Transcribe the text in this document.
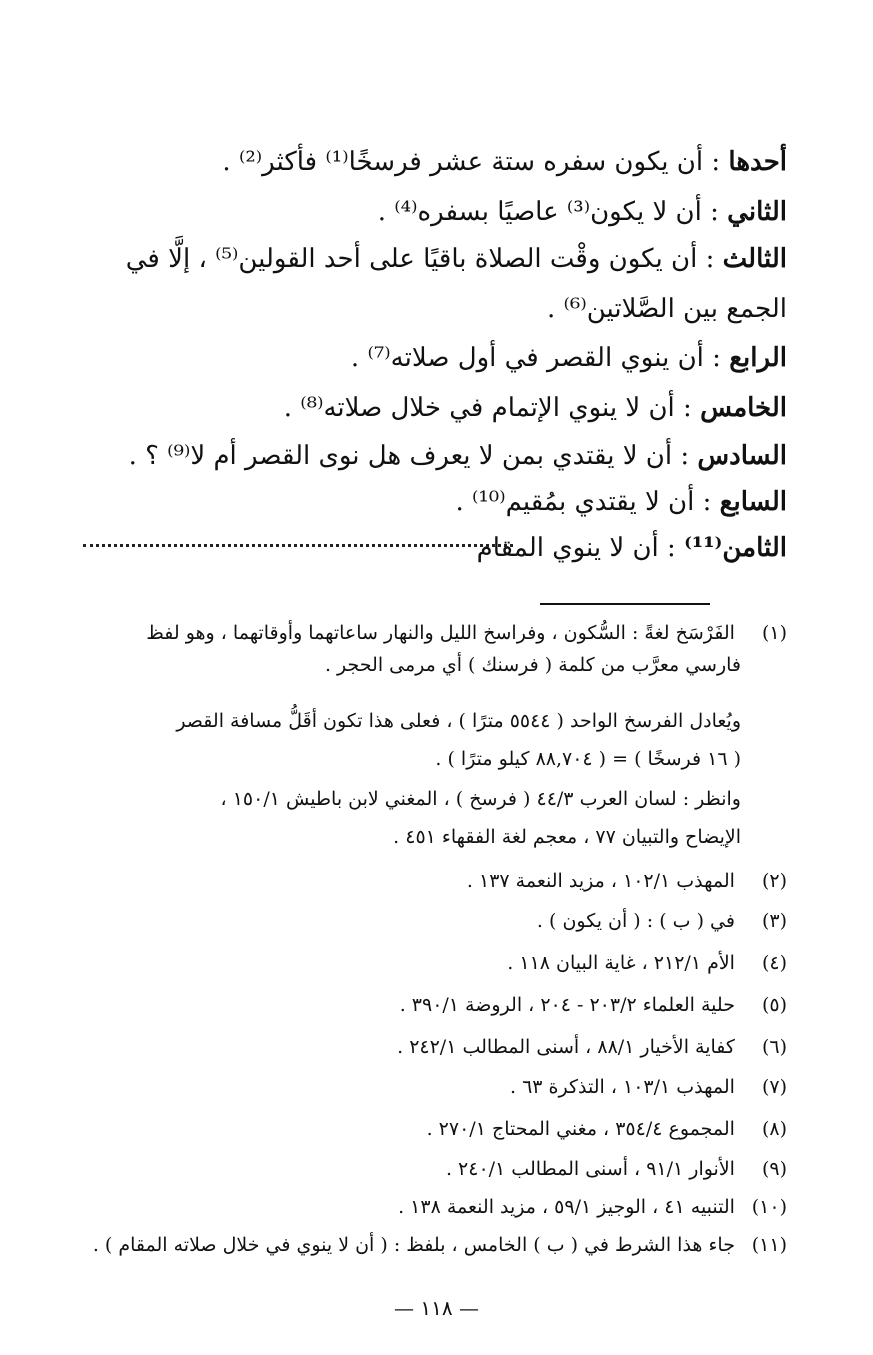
أحدها : أن يكون سفره ستة عشر فرسخًا⁽¹⁾ فأكثر⁽²⁾ .
الثاني : أن لا يكون⁽³⁾ عاصيًا بسفره⁽⁴⁾ .
الثالث : أن يكون وقْت الصلاة باقيًا على أحد القولين⁽⁵⁾ ، إلَّا في الجمع بين الصَّلاتين⁽⁶⁾ .
الرابع : أن ينوي القصر في أول صلاته⁽⁷⁾ .
الخامس : أن لا ينوي الإتمام في خلال صلاته⁽⁸⁾ .
السادس : أن لا يقتدي بمن لا يعرف هل نوى القصر أم لا⁽⁹⁾ ؟ .
السابع : أن لا يقتدي بمُقيم⁽¹⁰⁾ .
الثامن⁽¹¹⁾ : أن لا ينوي المقام
(١) الفَرْسَخ لغةً : السُّكون ، وفراسخ الليل والنهار ساعاتهما وأوقاتهما ، وهو لفظ
فارسي معرَّب من كلمة ( فرسنك ) أي مرمى الحجر .
ويُعادل الفرسخ الواحد ( ٥٥٤٤ مترًا ) ، فعلى هذا تكون أقَلُّ مسافة القصر
( ١٦ فرسخًا ) = ( ٨٨,٧٠٤ كيلو مترًا ) .
وانظر : لسان العرب ٤٤/٣ ( فرسخ ) ، المغني لابن باطيش ١٥٠/١ ،
الإيضاح والتبيان ٧٧ ، معجم لغة الفقهاء ٤٥١ .
(٢) المهذب ١٠٢/١ ، مزيد النعمة ١٣٧ .
(٣) في ( ب ) : ( أن يكون ) .
(٤) الأم ٢١٢/١ ، غاية البيان ١١٨ .
(٥) حلية العلماء ٢٠٣/٢ - ٢٠٤ ، الروضة ٣٩٠/١ .
(٦) كفاية الأخيار ٨٨/١ ، أسنى المطالب ٢٤٢/١ .
(٧) المهذب ١٠٣/١ ، التذكرة ٦٣ .
(٨) المجموع ٣٥٤/٤ ، مغني المحتاج ٢٧٠/١ .
(٩) الأنوار ٩١/١ ، أسنى المطالب ٢٤٠/١ .
(١٠) التنبيه ٤١ ، الوجيز ٥٩/١ ، مزيد النعمة ١٣٨ .
(١١) جاء هذا الشرط في ( ب ) الخامس ، بلفظ : ( أن لا ينوي في خلال صلاته المقام ) .
— ١١٨ —
